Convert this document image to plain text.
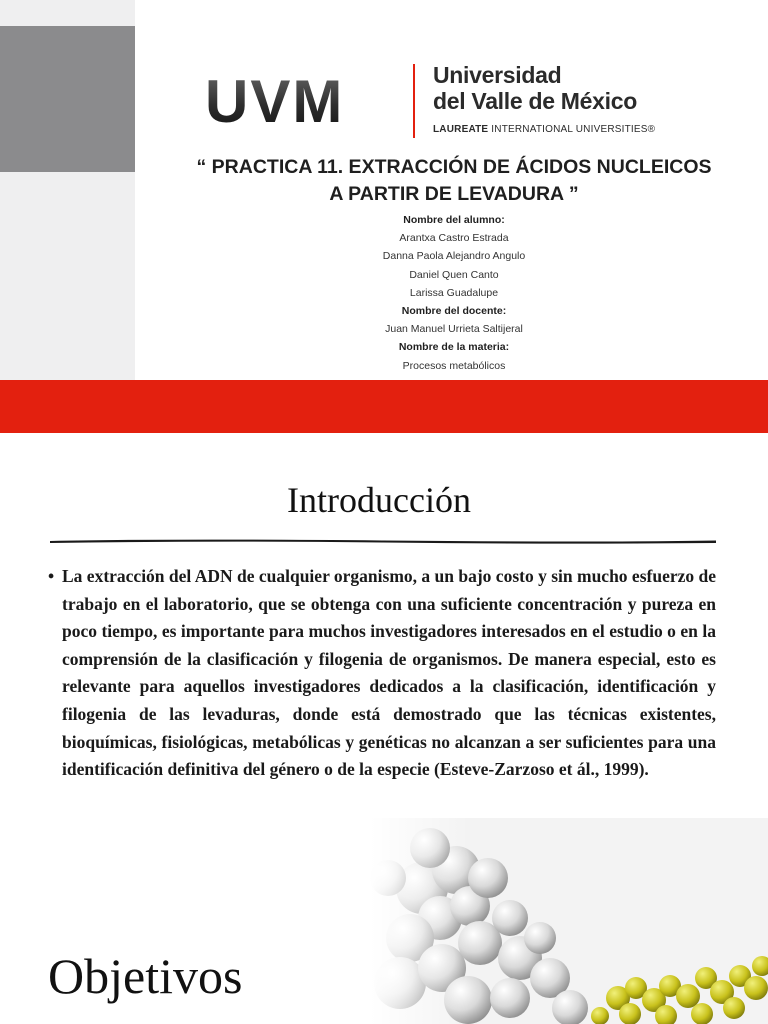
UVM	Universidad
del Valle de México
LAUREATE INTERNATIONAL UNIVERSITIES®
“ PRACTICA 11. EXTRACCIÓN DE ÁCIDOS NUCLEICOS
A PARTIR DE LEVADURA ”
Nombre del alumno:
Arantxa Castro Estrada
Danna Paola Alejandro Angulo
Daniel Quen Canto
Larissa Guadalupe
Nombre del docente:
Juan Manuel Urrieta Saltijeral
Nombre de la materia:
Procesos metabólicos
Introducción
• La extracción del ADN de cualquier organismo, a un bajo costo y sin mucho esfuerzo de trabajo en el laboratorio, que se obtenga con una suficiente concentración y pureza en poco tiempo, es importante para muchos investigadores interesados en el estudio o en la comprensión de la clasificación y filogenia de organismos. De manera especial, esto es relevante para aquellos investigadores dedicados a la clasificación, identificación y filogenia de las levaduras, donde está demostrado que las técnicas existentes, bioquímicas, fisiológicas, metabólicas y genéticas no alcanzan a ser suficientes para una identificación definitiva del género o de la especie (Esteve-Zarzoso et ál., 1999).
Objetivos
